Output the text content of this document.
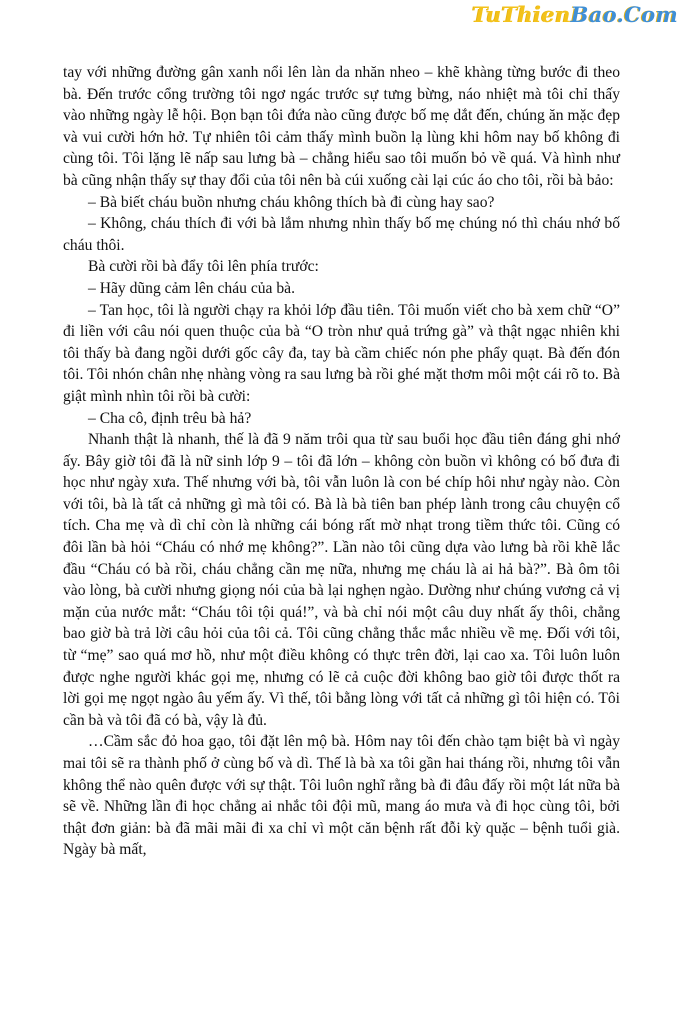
TuThienBao.Com

tay với những đường gân xanh nổi lên làn da nhăn nheo – khẽ khàng từng bước đi theo bà. Đến trước cổng trường tôi ngơ ngác trước sự tưng bừng, náo nhiệt mà tôi chỉ thấy vào những ngày lễ hội. Bọn bạn tôi đứa nào cũng được bố mẹ dắt đến, chúng ăn mặc đẹp và vui cười hớn hở. Tự nhiên tôi cảm thấy mình buồn lạ lùng khi hôm nay bố không đi cùng tôi. Tôi lặng lẽ nấp sau lưng bà – chẳng hiểu sao tôi muốn bỏ về quá. Và hình như bà cũng nhận thấy sự thay đổi của tôi nên bà cúi xuống cài lại cúc áo cho tôi, rồi bà bảo:

– Bà biết cháu buồn nhưng cháu không thích bà đi cùng hay sao?

– Không, cháu thích đi với bà lắm nhưng nhìn thấy bố mẹ chúng nó thì cháu nhớ bố cháu thôi.

Bà cười rồi bà đẩy tôi lên phía trước:

– Hãy dũng cảm lên cháu của bà.

– Tan học, tôi là người chạy ra khỏi lớp đầu tiên. Tôi muốn viết cho bà xem chữ “O” đi liền với câu nói quen thuộc của bà “O tròn như quả trứng gà” và thật ngạc nhiên khi tôi thấy bà đang ngồi dưới gốc cây đa, tay bà cầm chiếc nón phe phẩy quạt. Bà đến đón tôi. Tôi nhón chân nhẹ nhàng vòng ra sau lưng bà rồi ghé mặt thơm môi một cái rõ to. Bà giật mình nhìn tôi rồi bà cười:

– Cha cô, định trêu bà hả?

Nhanh thật là nhanh, thế là đã 9 năm trôi qua từ sau buổi học đầu tiên đáng ghi nhớ ấy. Bây giờ tôi đã là nữ sinh lớp 9 – tôi đã lớn – không còn buồn vì không có bố đưa đi học như ngày xưa. Thế nhưng với bà, tôi vẫn luôn là con bé chíp hôi như ngày nào. Còn với tôi, bà là tất cả những gì mà tôi có. Bà là bà tiên ban phép lành trong câu chuyện cổ tích. Cha mẹ và dì chỉ còn là những cái bóng rất mờ nhạt trong tiềm thức tôi. Cũng có đôi lần bà hỏi “Cháu có nhớ mẹ không?”. Lần nào tôi cũng dựa vào lưng bà rồi khẽ lắc đầu “Cháu có bà rồi, cháu chẳng cần mẹ nữa, nhưng mẹ cháu là ai hả bà?”. Bà ôm tôi vào lòng, bà cười nhưng giọng nói của bà lại nghẹn ngào. Dường như chúng vương cả vị mặn của nước mắt: “Cháu tôi tội quá!”, và bà chỉ nói một câu duy nhất ấy thôi, chẳng bao giờ bà trả lời câu hỏi của tôi cả. Tôi cũng chẳng thắc mắc nhiều về mẹ. Đối với tôi, từ “mẹ” sao quá mơ hồ, như một điều không có thực trên đời, lại cao xa. Tôi luôn luôn được nghe người khác gọi mẹ, nhưng có lẽ cả cuộc đời không bao giờ tôi được thốt ra lời gọi mẹ ngọt ngào âu yếm ấy. Vì thế, tôi bằng lòng với tất cả những gì tôi hiện có. Tôi cần bà và tôi đã có bà, vậy là đủ.

…Cầm sắc đỏ hoa gạo, tôi đặt lên mộ bà. Hôm nay tôi đến chào tạm biệt bà vì ngày mai tôi sẽ ra thành phố ở cùng bố và dì. Thế là bà xa tôi gần hai tháng rồi, nhưng tôi vẫn không thể nào quên được với sự thật. Tôi luôn nghĩ rằng bà đi đâu đấy rồi một lát nữa bà sẽ về. Những lần đi học chẳng ai nhắc tôi đội mũ, mang áo mưa và đi học cùng tôi, bởi thật đơn giản: bà đã mãi mãi đi xa chỉ vì một căn bệnh rất đỗi kỳ quặc – bệnh tuổi già. Ngày bà mất,
